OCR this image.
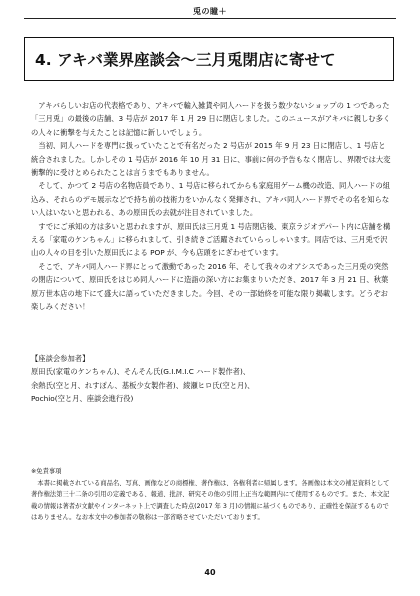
兎の瞳＋
4. アキバ業界座談会〜三月兎閉店に寄せて

アキバらしいお店の代表格であり、アキバで輸入雑貨や同人ハードを扱う数少ないショップの 1 つであった「三月兎」の最後の店舗、3 号店が 2017 年 1 月 29 日に閉店しました。このニュースがアキバに親しむ多くの人々に衝撃を与えたことは記憶に新しいでしょう。

当初、同人ハードを専門に扱っていたことで有名だった 2 号店が 2015 年 9 月 23 日に閉店し、1 号店と統合されました。しかしその 1 号店が 2016 年 10 月 31 日に、事前に何の予告もなく閉店し、界隈では大変衝撃的に受けとめられたことは言うまでもありません。

そして、かつて 2 号店の名物店員であり、1 号店に移られてからも家庭用ゲーム機の改造、同人ハードの組込み、それらのデモ展示などで持ち前の技術力をいかんなく発揮され、アキバ同人ハード界でその名を知らない人はいないと思われる、あの原田氏の去就が注目されていました。

すでにご承知の方は多いと思われますが、原田氏は三月兎 1 号店閉店後、東京ラジオデパート内に店舗を構える「家電のケンちゃん」に移られまして、引き続きご活躍されていらっしゃいます。同店では、三月兎で沢山の人々の目を引いた原田氏による POP が、今も店頭をにぎわせています。

そこで、アキバ同人ハード界にとって激動であった 2016 年、そして我々のオアシスであった三月兎の突然の閉店について、原田氏をはじめ同人ハードに造詣の深い方にお集まりいただき、2017 年 3 月 21 日、秋葉原万世本店の地下にて盛大に語っていただきました。今回、その一部始終を可能な限り掲載します。どうぞお楽しみください！

【座談会参加者】
原田氏(家電のケンちゃん)、そんそん氏(G.I.M.I.C ハード製作者)、
余熱氏(空と月、れすぽん、基板少女製作者)、綾瀬ヒロ氏(空と月)、
Pochio(空と月、座談会進行役)
※免責事項
本書に掲載されている商品名、写真、画像などの商標権、著作権は、各権利者に帰属します。各画像は本文の補足資料として著作権法第三十二条の引用の定義である、報道、批評、研究その他の引用上正当な範囲内にて使用するものです。また、本文記載の情報は著者が文献やインターネット上で調査した時点(2017 年 3 月)の情報に基づくものであり、正確性を保証するものではありません。なお本文中の参加者の敬称は一部省略させていただいております。
40
